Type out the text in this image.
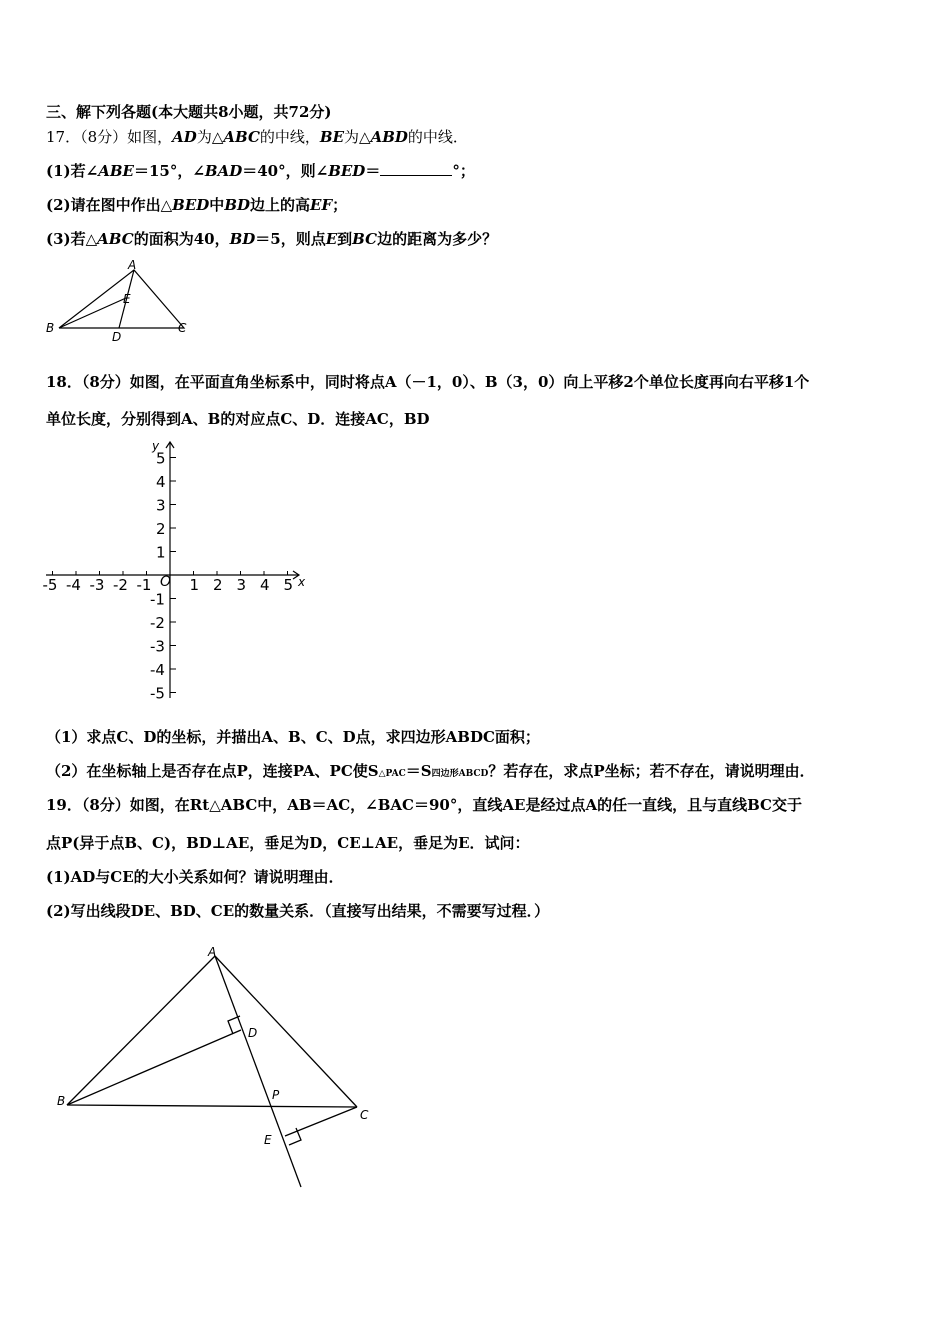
三、解下列各题(本大题共8小题，共72分)
17．（8分）如图，AD为△ABC的中线，BE为△ABD的中线．
(1)若∠ABE＝15°，∠BAD＝40°，则∠BED＝	°；
(2)请在图中作出△BED中BD边上的高EF；
(3)若△ABC的面积为40，BD＝5，则点E到BC边的距离为多少？
A
B	C
D
E
18．（8分）如图，在平面直角坐标系中，同时将点A（－1，0）、B（3，0）向上平移2个单位长度再向右平移1个
单位长度，分别得到A、B的对应点C、D．连接AC，BD
-5 -4 -3 -2 -1	1 2 3 4 5
5
4
3
2
1
-1
-2
-3
-4
-5
x
y
O
（1）求点C、D的坐标，并描出A、B、C、D点，求四边形ABDC面积；
（2）在坐标轴上是否存在点P，连接PA、PC使S△PAC＝S四边形ABCD？若存在，求点P坐标；若不存在，请说明理由．
19．（8分）如图，在Rt△ABC中，AB＝AC，∠BAC＝90°，直线AE是经过点A的任一直线，且与直线BC交于
点P(异于点B、C)，BD⊥AE，垂足为D，CE⊥AE，垂足为E．试问：
(1)AD与CE的大小关系如何？请说明理由．
(2)写出线段DE、BD、CE的数量关系．（直接写出结果，不需要写过程．）
A
B
C
D
E
P
